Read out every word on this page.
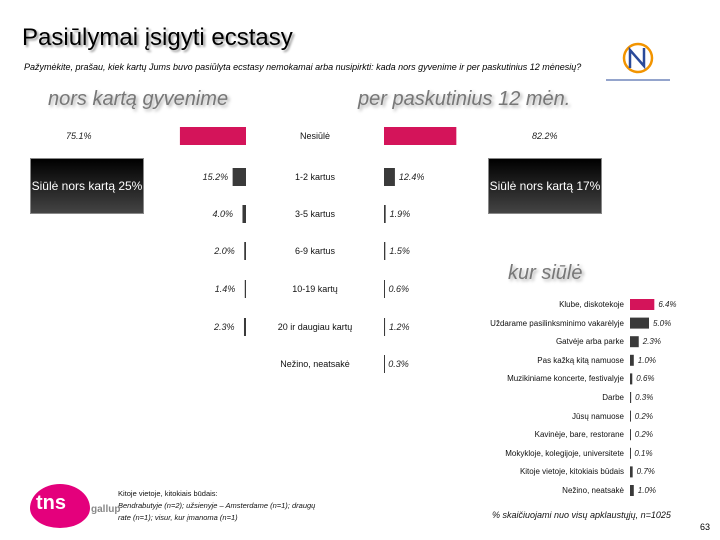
Pasiūlymai įsigyti ecstasy

Pažymėkite, prašau, kiek kartų Jums buvo pasiūlyta ecstasy nemokamai arba nusipirkti: kada nors gyvenime ir per paskutinius 12 mėnesių?
nors kartą gyvenime	per paskutinius 12 mėn.
Siūlė nors kartą 25%	Siūlė nors kartą 17%
kur siūlė
Nesiūlė
75.1%	82.2%
1-2 kartus
15.2%	12.4%
3-5 kartus
4.0%	1.9%
6-9 kartus
2.0%	1.5%
10-19 kartų
1.4%	0.6%
20 ir daugiau kartų
2.3%	1.2%
Nežino, neatsakė	0.3%
Klube, diskotekoje	6.4%
Uždarame pasilinksminimo vakarėlyje	5.0%
Gatvėje arba parke 2.3%
Pas kažką kitą namuose 1.0%
Muzikiniame koncerte, festivalyje 0.6%
Darbe 0.3%
Jūsų namuose 0.2%
Kavinėje, bare, restorane 0.2%
Mokykloje, kolegijoje, universitete 0.1%
Kitoje vietoje, kitokiais būdais 0.7%
Nežino, neatsakė 1.0%
Kitoje vietoje, kitokiais būdais:
Bendrabutyje (n=2); užsienyje – Amsterdame (n=1); draugų
rate (n=1); visur, kur įmanoma (n=1)	% skaičiuojami nuo visų apklaustųjų, n=1025
63
tns	gallup
